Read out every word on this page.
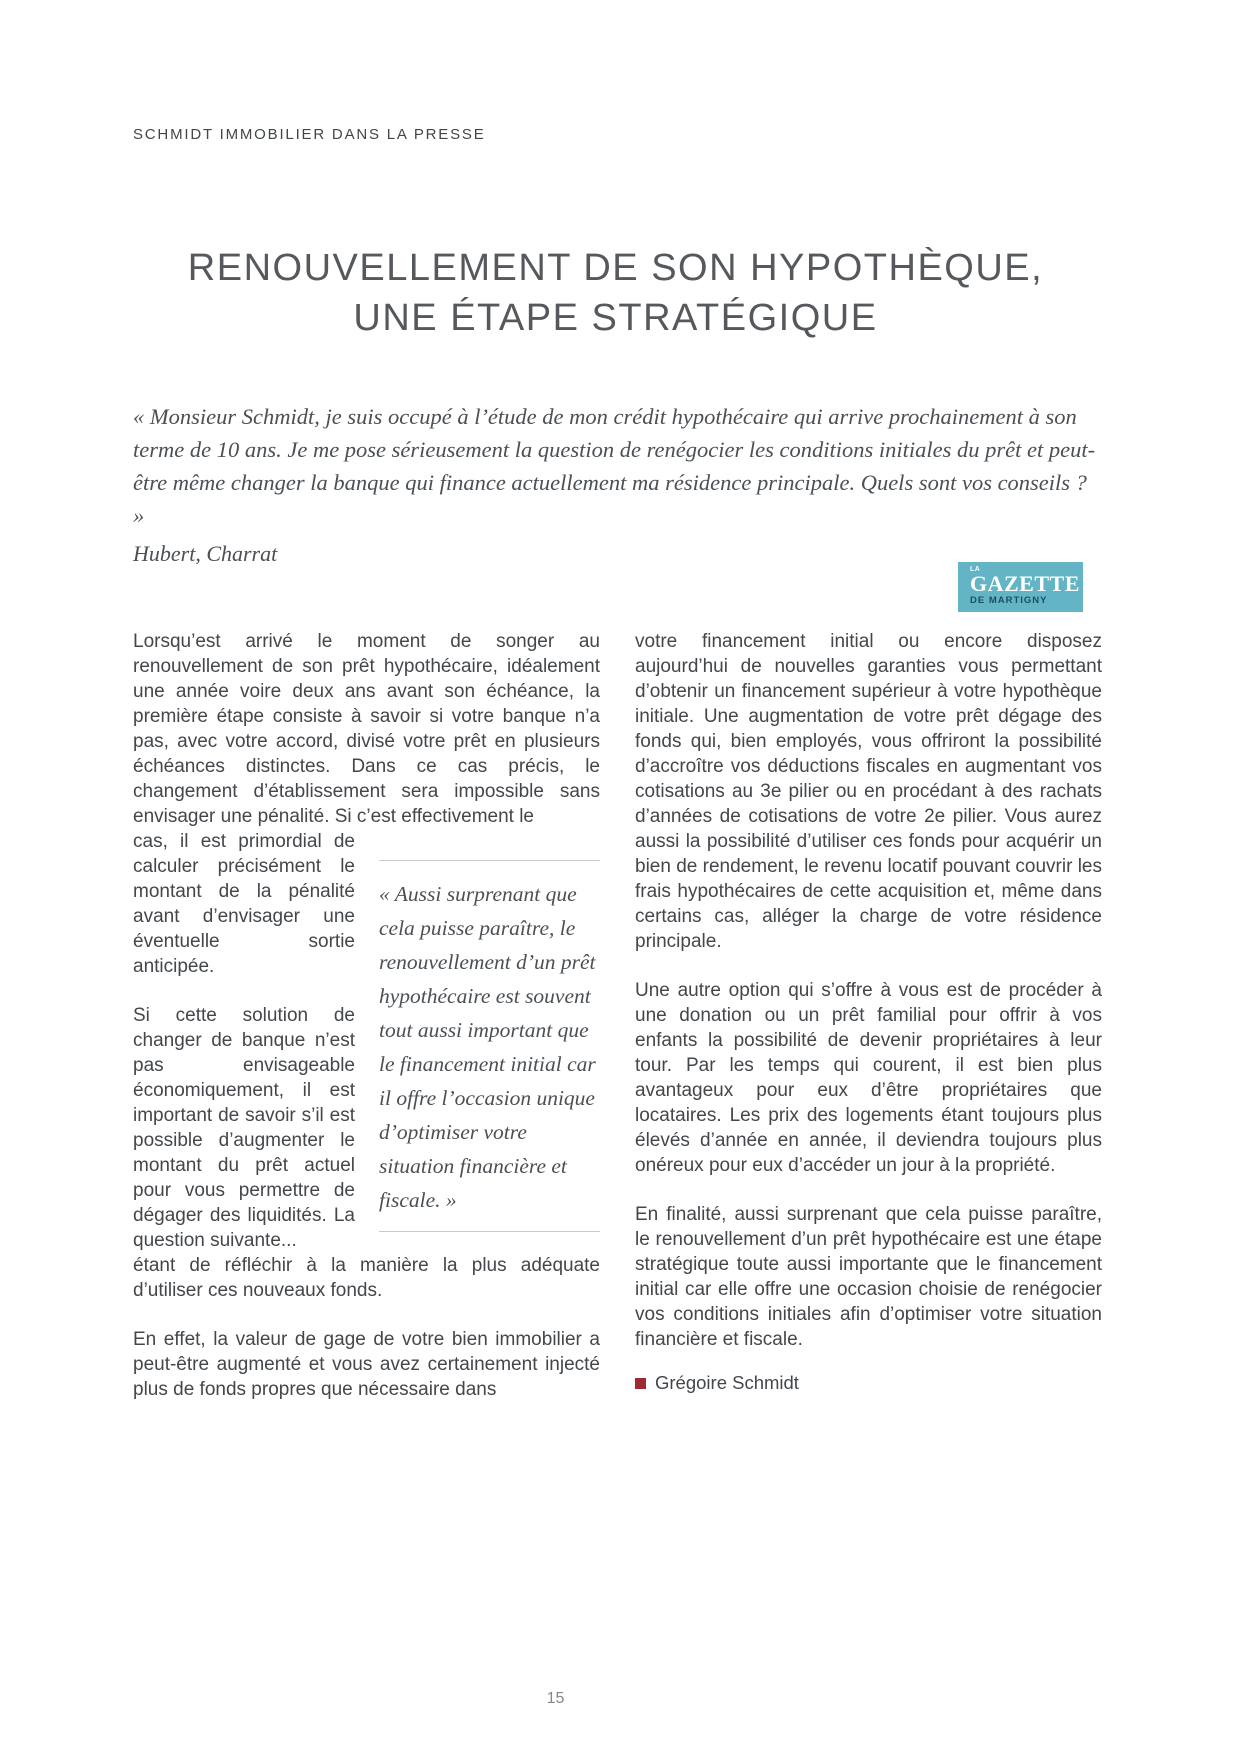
SCHMIDT IMMOBILIER DANS LA PRESSE
RENOUVELLEMENT DE SON HYPOTHÈQUE,
UNE ÉTAPE STRATÉGIQUE
« Monsieur Schmidt, je suis occupé à l’étude de mon crédit hypothécaire qui arrive prochainement à son terme de 10 ans. Je me pose sérieusement la question de renégocier les conditions initiales du prêt et peut-être même changer la banque qui finance actuellement ma résidence principale. Quels sont vos conseils ? »
Hubert, Charrat
LA
GAZETTE
DE MARTIGNY

Lorsqu’est arrivé le moment de songer au renouvellement de son prêt hypothécaire, idéalement une année voire deux ans avant son échéance, la première étape consiste à savoir si votre banque n’a pas, avec votre accord, divisé votre prêt en plusieurs échéances distinctes. Dans ce cas précis, le changement d’établissement sera impossible sans envisager une pénalité. Si c’est effectivement le

cas, il est primordial de calculer précisément le montant de la pénalité avant d’envisager une éventuelle sortie anticipée.

Si cette solution de changer de banque n’est pas envisageable économiquement, il est important de savoir s’il est possible d’augmenter le montant du prêt actuel pour vous permettre de dégager des liquidités. La question suivante...

« Aussi surprenant que cela puisse paraître, le renouvellement d’un prêt hypothécaire est souvent tout aussi important que le financement initial car il offre l’occasion unique d’optimiser votre situation financière et fiscale. »

étant de réfléchir à la manière la plus adéquate d’utiliser ces nouveaux fonds.

En effet, la valeur de gage de votre bien immobilier a peut-être augmenté et vous avez certainement injecté plus de fonds propres que nécessaire dans

votre financement initial ou encore disposez aujourd’hui de nouvelles garanties vous permettant d’obtenir un financement supérieur à votre hypothèque initiale. Une augmentation de votre prêt dégage des fonds qui, bien employés, vous offriront la possibilité d’accroître vos déductions fiscales en augmentant vos cotisations au 3e pilier ou en procédant à des rachats d’années de cotisations de votre 2e pilier. Vous aurez aussi la possibilité d’utiliser ces fonds pour acquérir un bien de rendement, le revenu locatif pouvant couvrir les frais hypothécaires de cette acquisition et, même dans certains cas, alléger la charge de votre résidence principale.

Une autre option qui s’offre à vous est de procéder à une donation ou un prêt familial pour offrir à vos enfants la possibilité de devenir propriétaires à leur tour. Par les temps qui courent, il est bien plus avantageux pour eux d’être propriétaires que locataires. Les prix des logements étant toujours plus élevés d’année en année, il deviendra toujours plus onéreux pour eux d’accéder un jour à la propriété.

En finalité, aussi surprenant que cela puisse paraître, le renouvellement d’un prêt hypothécaire est une étape stratégique toute aussi importante que le financement initial car elle offre une occasion choisie de renégocier vos conditions initiales afin d’optimiser votre situation financière et fiscale.

Grégoire Schmidt
15
